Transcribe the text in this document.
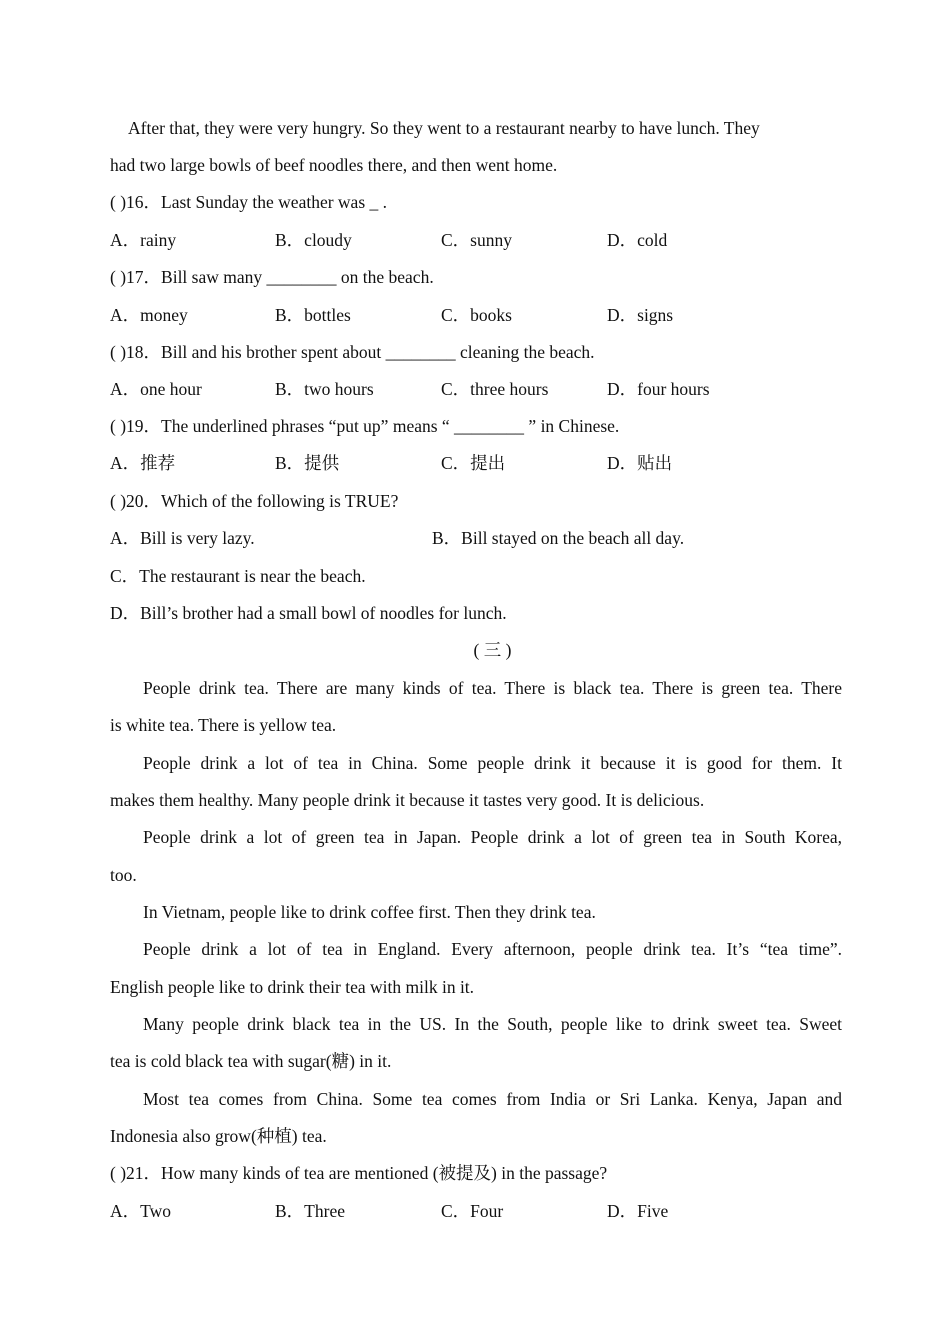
After that, they were very hungry. So they went to a restaurant nearby to have lunch. They
had two large bowls of beef noodles there, and then went home.
( )16．Last Sunday the weather was _ .
A．rainy	B．cloudy	C．sunny	D．cold
( )17．Bill saw many ________ on the beach.
A．money	B．bottles	C．books	D．signs
( )18．Bill and his brother spent about ________ cleaning the beach.
A．one hour	B．two hours	C．three hours	D．four hours
( )19．The underlined phrases “put up” means “ ________ ” in Chinese.
A．推荐	B．提供	C．提出	D．贴出
( )20．Which of the following is TRUE?
A．Bill is very lazy.	B．Bill stayed on the beach all day.
C．The restaurant is near the beach.
D．Bill’s brother had a small bowl of noodles for lunch.
( 三 )
People drink tea. There are many kinds of tea. There is black tea. There is green tea. There
is white tea. There is yellow tea.
People drink a lot of tea in China. Some people drink it because it is good for them. It
makes them healthy. Many people drink it because it tastes very good. It is delicious.
People drink a lot of green tea in Japan. People drink a lot of green tea in South Korea,
too.
In Vietnam, people like to drink coffee first. Then they drink tea.
People drink a lot of tea in England. Every afternoon, people drink tea. It’s “tea time”.
English people like to drink their tea with milk in it.
Many people drink black tea in the US. In the South, people like to drink sweet tea. Sweet
tea is cold black tea with sugar(糖) in it.
Most tea comes from China. Some tea comes from India or Sri Lanka. Kenya, Japan and
Indonesia also grow(种植) tea.
( )21．How many kinds of tea are mentioned (被提及) in the passage?
A．Two	B．Three	C．Four	D．Five
